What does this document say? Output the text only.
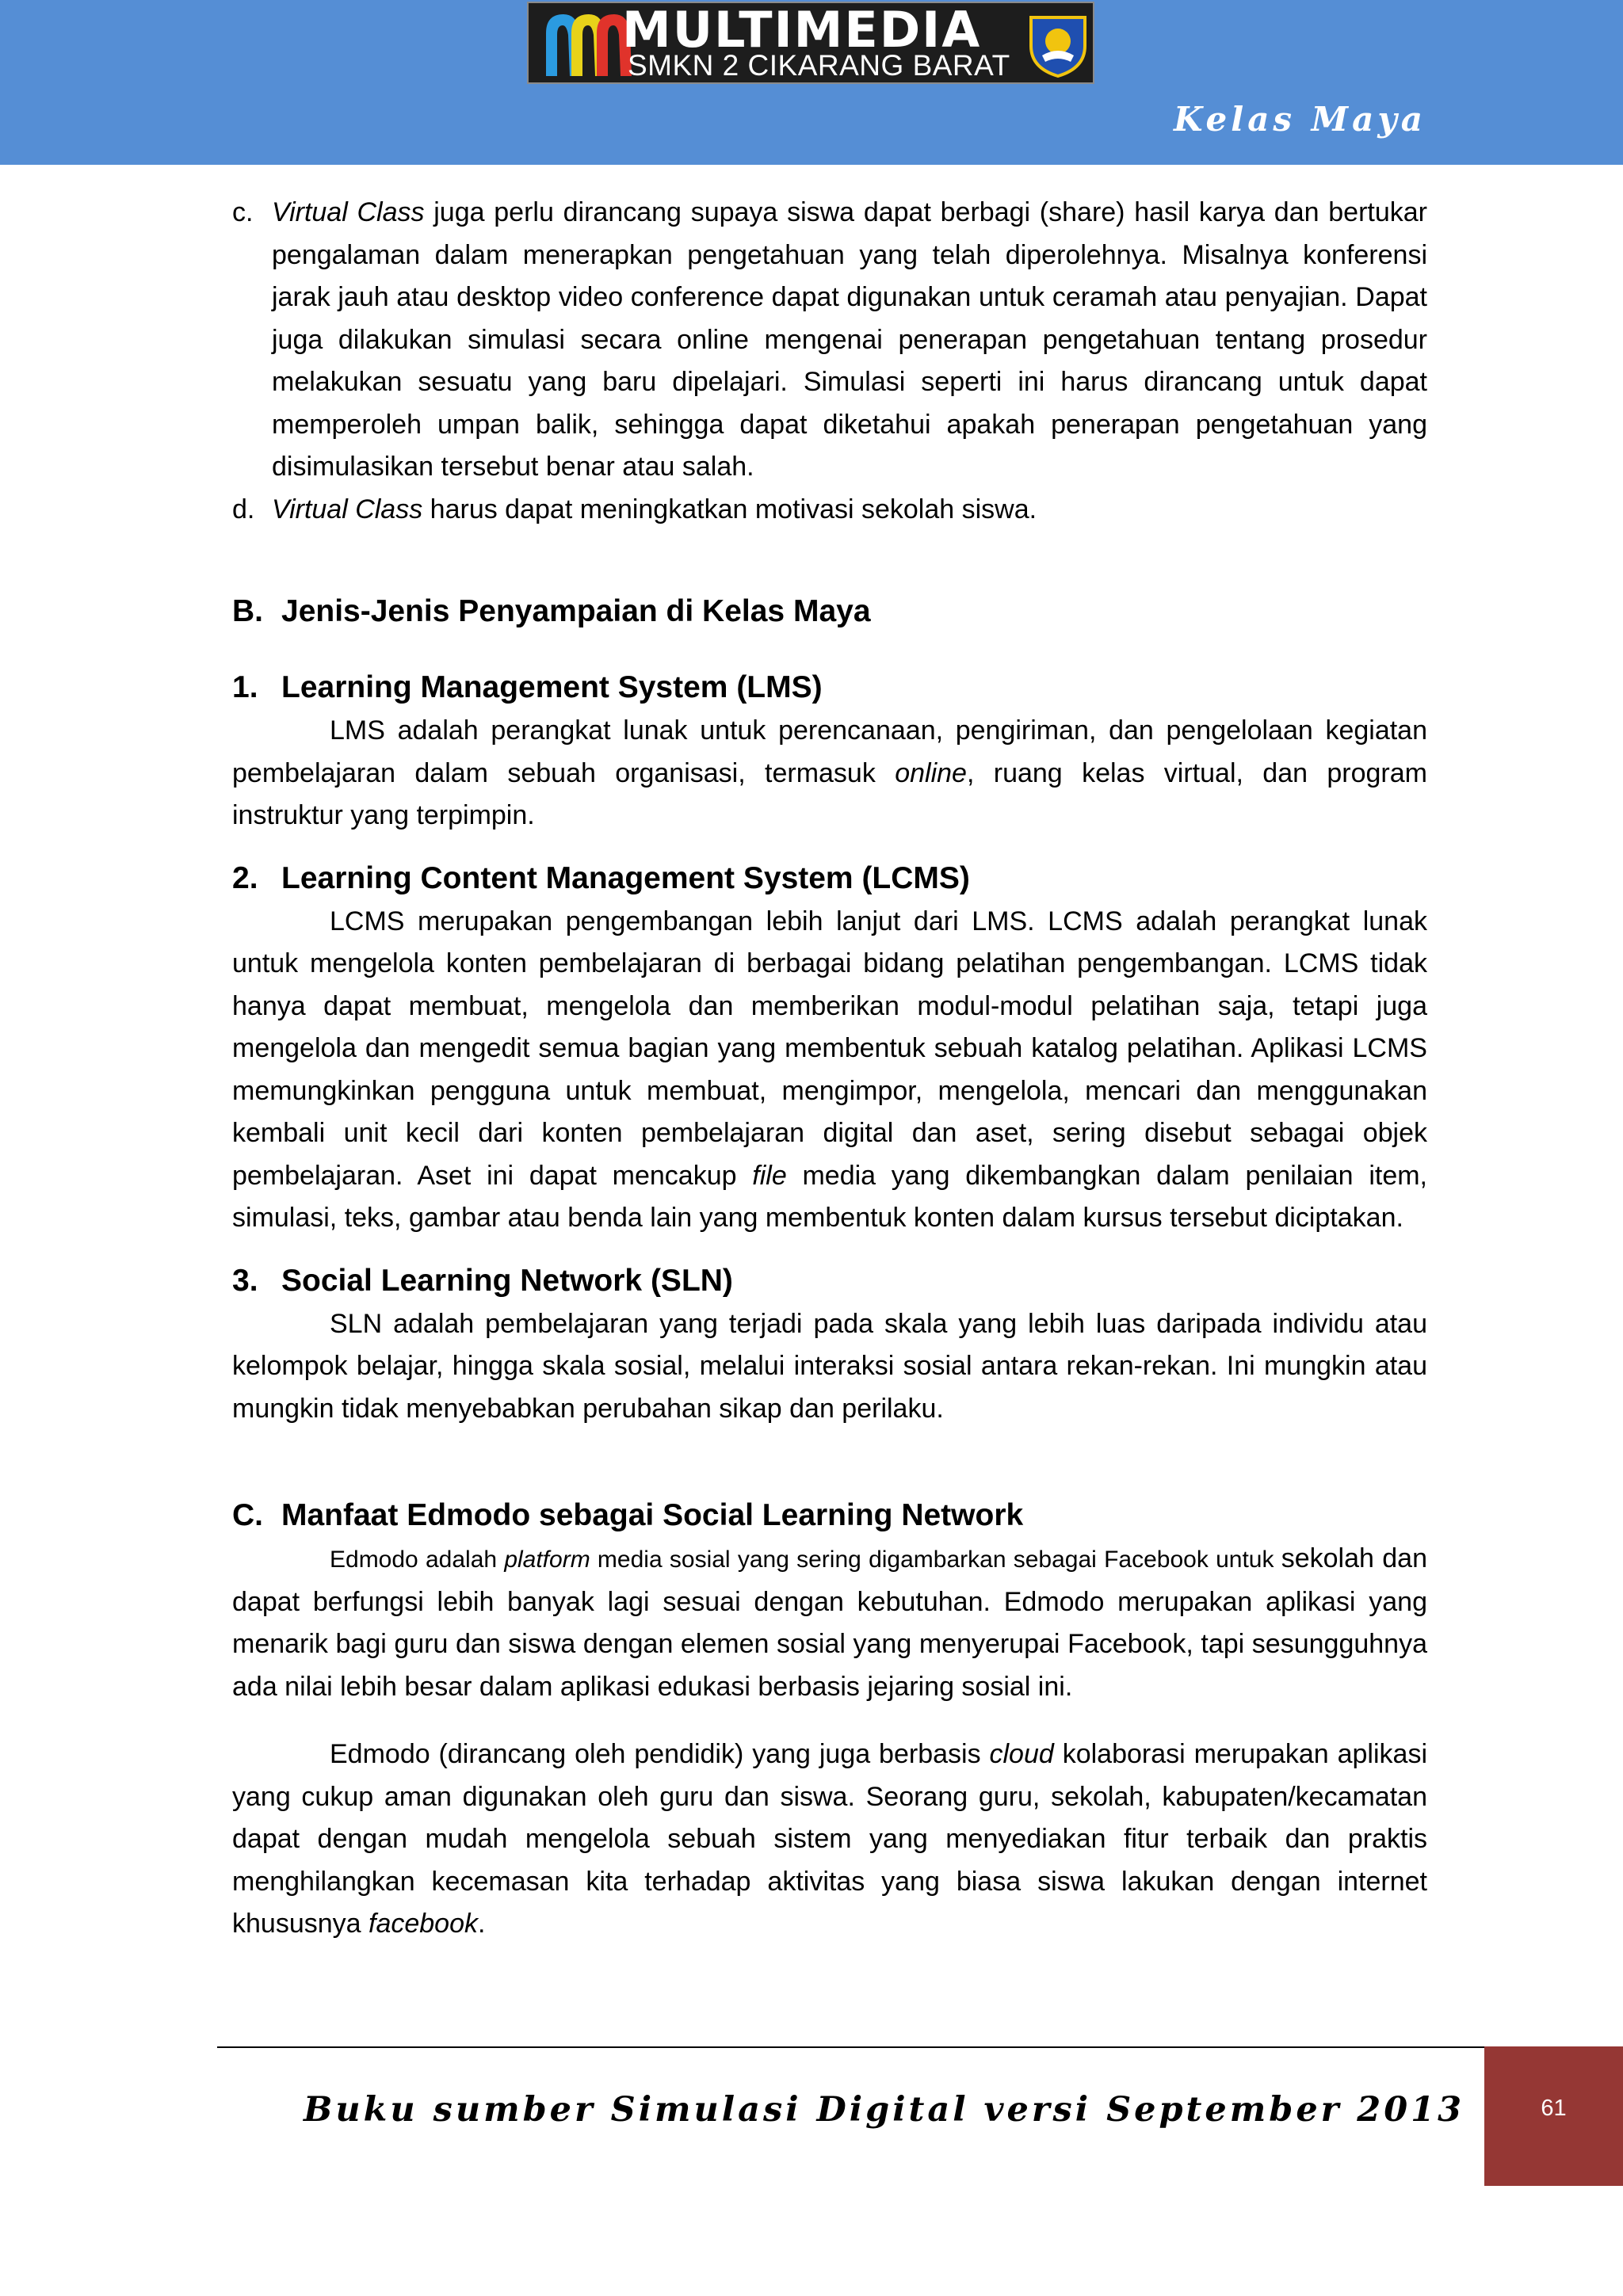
MULTIMEDIA
SMKN 2 CIKARANG BARAT
Kelas Maya
c. Virtual Class juga perlu dirancang supaya siswa dapat berbagi (share) hasil karya dan bertukar pengalaman dalam menerapkan pengetahuan yang telah diperolehnya. Misalnya konferensi jarak jauh atau desktop video conference dapat digunakan untuk ceramah atau penyajian. Dapat juga dilakukan simulasi secara online mengenai penerapan pengetahuan tentang prosedur melakukan sesuatu yang baru dipelajari. Simulasi seperti ini harus dirancang untuk dapat memperoleh umpan balik, sehingga dapat diketahui apakah penerapan pengetahuan yang disimulasikan tersebut benar atau salah.
d. Virtual Class harus dapat meningkatkan motivasi sekolah siswa.
B. Jenis-Jenis Penyampaian di Kelas Maya
1. Learning Management System (LMS)

LMS adalah perangkat lunak untuk perencanaan, pengiriman, dan pengelolaan kegiatan pembelajaran dalam sebuah organisasi, termasuk online, ruang kelas virtual, dan program instruktur yang terpimpin.

2. Learning Content Management System (LCMS)

LCMS merupakan pengembangan lebih lanjut dari LMS. LCMS adalah perangkat lunak untuk mengelola konten pembelajaran di berbagai bidang pelatihan pengembangan. LCMS tidak hanya dapat membuat, mengelola dan memberikan modul-modul pelatihan saja, tetapi juga mengelola dan mengedit semua bagian yang membentuk sebuah katalog pelatihan. Aplikasi LCMS memungkinkan pengguna untuk membuat, mengimpor, mengelola, mencari dan menggunakan kembali unit kecil dari konten pembelajaran digital dan aset, sering disebut sebagai objek pembelajaran. Aset ini dapat mencakup file media yang dikembangkan dalam penilaian item, simulasi, teks, gambar atau benda lain yang membentuk konten dalam kursus tersebut diciptakan.

3. Social Learning Network (SLN)

SLN adalah pembelajaran yang terjadi pada skala yang lebih luas daripada individu atau kelompok belajar, hingga skala sosial, melalui interaksi sosial antara rekan-rekan. Ini mungkin atau mungkin tidak menyebabkan perubahan sikap dan perilaku.

C. Manfaat Edmodo sebagai Social Learning Network

Edmodo adalah platform media sosial yang sering digambarkan sebagai Facebook untuk sekolah dan dapat berfungsi lebih banyak lagi sesuai dengan kebutuhan. Edmodo merupakan aplikasi yang menarik bagi guru dan siswa dengan elemen sosial yang menyerupai Facebook, tapi sesungguhnya ada nilai lebih besar dalam aplikasi edukasi berbasis jejaring sosial ini.

Edmodo (dirancang oleh pendidik) yang juga berbasis cloud kolaborasi merupakan aplikasi yang cukup aman digunakan oleh guru dan siswa. Seorang guru, sekolah, kabupaten/kecamatan dapat dengan mudah mengelola sebuah sistem yang menyediakan fitur terbaik dan praktis menghilangkan kecemasan kita terhadap aktivitas yang biasa siswa lakukan dengan internet khususnya facebook.

Buku sumber Simulasi Digital versi September 2013	61
